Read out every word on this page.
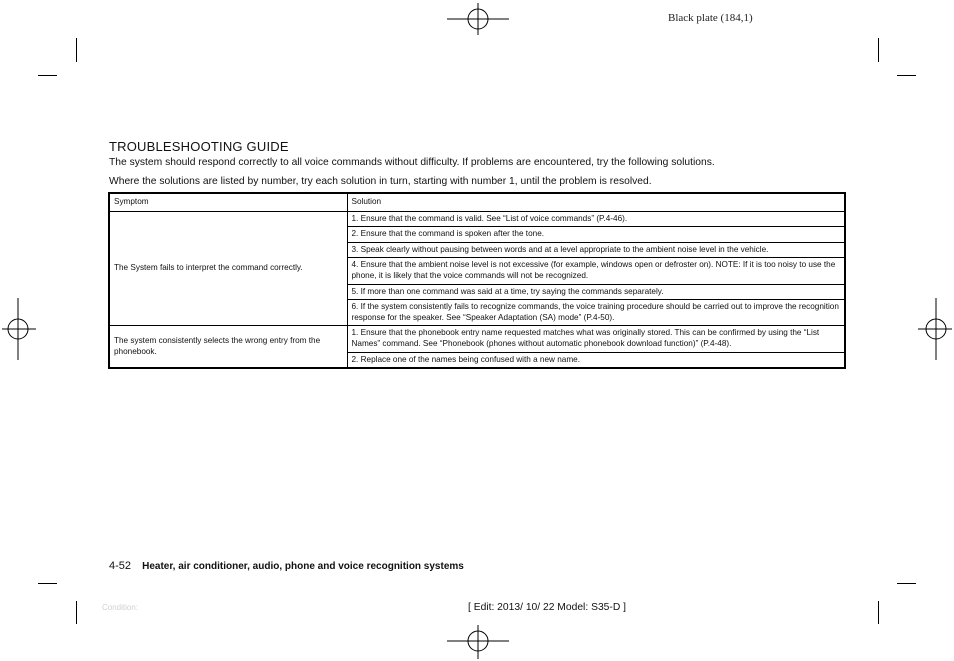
Black plate (184,1)
TROUBLESHOOTING GUIDE
The system should respond correctly to all voice commands without difficulty. If problems are encountered, try the following solutions.
Where the solutions are listed by number, try each solution in turn, starting with number 1, until the problem is resolved.
Symptom	Solution
The System fails to interpret the command correctly.	1. Ensure that the command is valid. See “List of voice commands” (P.4-46).
	2. Ensure that the command is spoken after the tone.
	3. Speak clearly without pausing between words and at a level appropriate to the ambient noise level in the vehicle.
	4. Ensure that the ambient noise level is not excessive (for example, windows open or defroster on). NOTE: If it is too noisy to use the phone, it is likely that the voice commands will not be recognized.
	5. If more than one command was said at a time, try saying the commands separately.
	6. If the system consistently fails to recognize commands, the voice training procedure should be carried out to improve the recognition response for the speaker. See “Speaker Adaptation (SA) mode” (P.4-50).
The system consistently selects the wrong entry from the phonebook.	1. Ensure that the phonebook entry name requested matches what was originally stored. This can be confirmed by using the “List Names” command. See “Phonebook (phones without automatic phonebook download function)” (P.4-48).
	2. Replace one of the names being confused with a new name.
4-52 Heater, air conditioner, audio, phone and voice recognition systems
Condition:	[ Edit: 2013/ 10/ 22 Model: S35-D ]
